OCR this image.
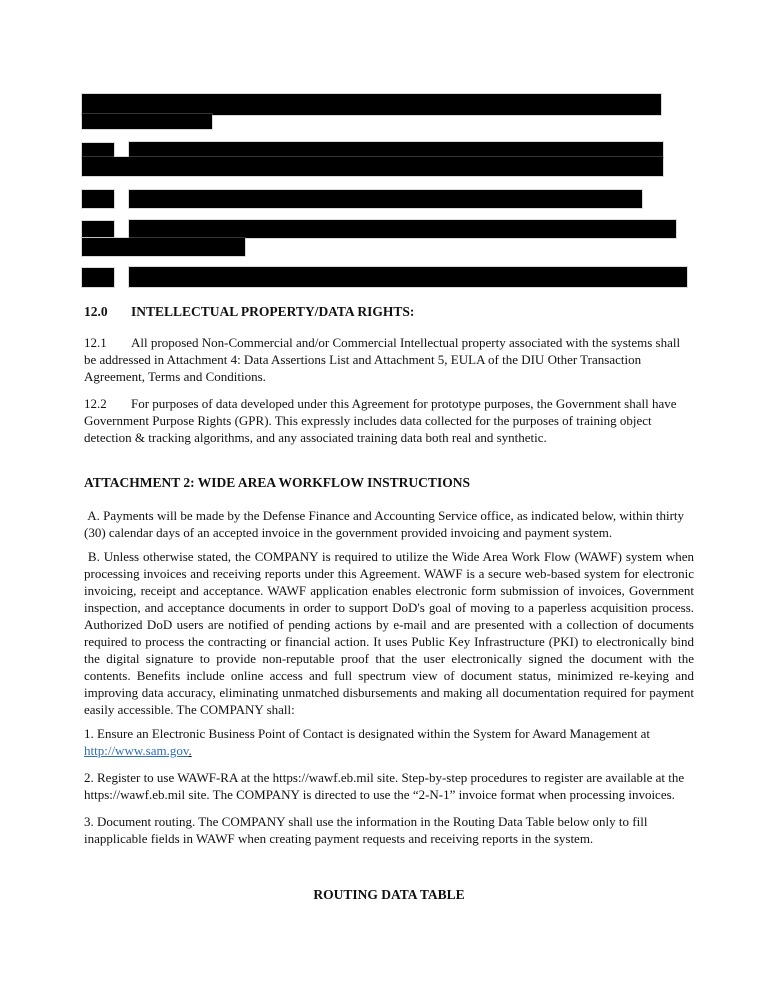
12.0 INTELLECTUAL PROPERTY/DATA RIGHTS:

12.1 All proposed Non-Commercial and/or Commercial Intellectual property associated with the systems shall be addressed in Attachment 4: Data Assertions List and Attachment 5, EULA of the DIU Other Transaction Agreement, Terms and Conditions.

12.2 For purposes of data developed under this Agreement for prototype purposes, the Government shall have Government Purpose Rights (GPR). This expressly includes data collected for the purposes of training object detection & tracking algorithms, and any associated training data both real and synthetic.

ATTACHMENT 2: WIDE AREA WORKFLOW INSTRUCTIONS

A. Payments will be made by the Defense Finance and Accounting Service office, as indicated below, within thirty (30) calendar days of an accepted invoice in the government provided invoicing and payment system.

B. Unless otherwise stated, the COMPANY is required to utilize the Wide Area Work Flow (WAWF) system when processing invoices and receiving reports under this Agreement. WAWF is a secure web-based system for electronic invoicing, receipt and acceptance. WAWF application enables electronic form submission of invoices, Government inspection, and acceptance documents in order to support DoD's goal of moving to a paperless acquisition process. Authorized DoD users are notified of pending actions by e-mail and are presented with a collection of documents required to process the contracting or financial action. It uses Public Key Infrastructure (PKI) to electronically bind the digital signature to provide non-reputable proof that the user electronically signed the document with the contents. Benefits include online access and full spectrum view of document status, minimized re-keying and improving data accuracy, eliminating unmatched disbursements and making all documentation required for payment easily accessible. The COMPANY shall:

1. Ensure an Electronic Business Point of Contact is designated within the System for Award Management at http://www.sam.gov.

2. Register to use WAWF-RA at the https://wawf.eb.mil site. Step-by-step procedures to register are available at the https://wawf.eb.mil site. The COMPANY is directed to use the “2-N-1” invoice format when processing invoices.

3. Document routing. The COMPANY shall use the information in the Routing Data Table below only to fill inapplicable fields in WAWF when creating payment requests and receiving reports in the system.

ROUTING DATA TABLE
